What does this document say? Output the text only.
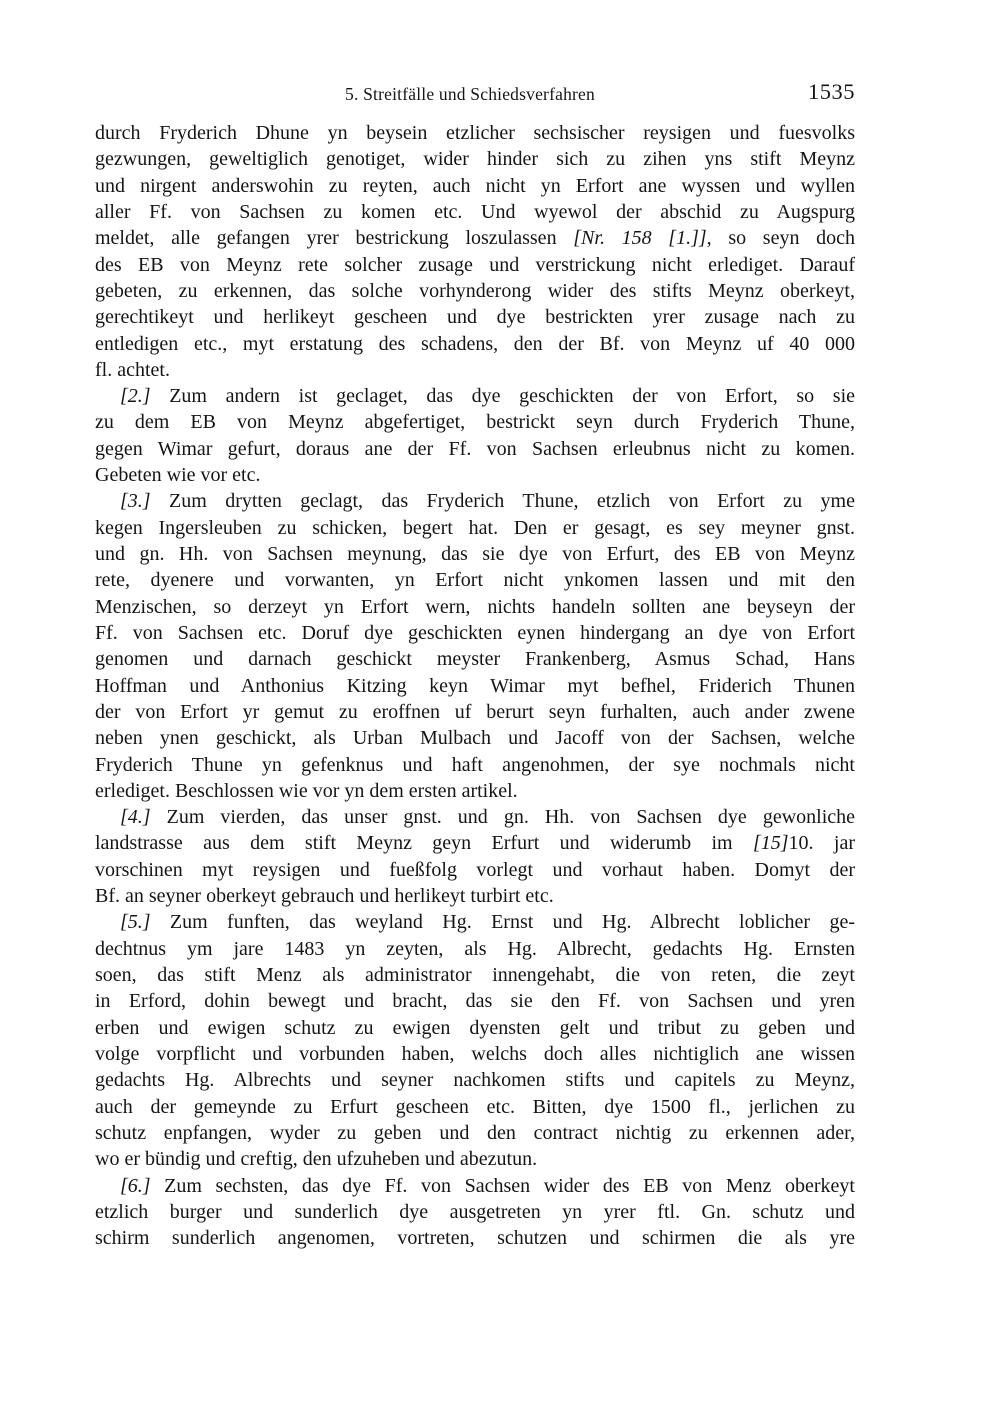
5. Streitfälle und Schiedsverfahren	1535
durch Fryderich Dhune yn beysein etzlicher sechsischer reysigen und fuesvolks
gezwungen, geweltiglich genotiget, wider hinder sich zu zihen yns stift Meynz
und nirgent anderswohin zu reyten, auch nicht yn Erfort ane wyssen und wyllen
aller Ff. von Sachsen zu komen etc. Und wyewol der abschid zu Augspurg
meldet, alle gefangen yrer bestrickung loszulassen [Nr. 158 [1.]], so seyn doch
des EB von Meynz rete solcher zusage und verstrickung nicht erlediget. Darauf
gebeten, zu erkennen, das solche vorhynderong wider des stifts Meynz oberkeyt,
gerechtikeyt und herlikeyt gescheen und dye bestrickten yrer zusage nach zu
entledigen etc., myt erstatung des schadens, den der Bf. von Meynz uf 40 000
fl. achtet.
[2.] Zum andern ist geclaget, das dye geschickten der von Erfort, so sie
zu dem EB von Meynz abgefertiget, bestrickt seyn durch Fryderich Thune,
gegen Wimar gefurt, doraus ane der Ff. von Sachsen erleubnus nicht zu komen.
Gebeten wie vor etc.
[3.] Zum drytten geclagt, das Fryderich Thune, etzlich von Erfort zu yme
kegen Ingersleuben zu schicken, begert hat. Den er gesagt, es sey meyner gnst.
und gn. Hh. von Sachsen meynung, das sie dye von Erfurt, des EB von Meynz
rete, dyenere und vorwanten, yn Erfort nicht ynkomen lassen und mit den
Menzischen, so derzeyt yn Erfort wern, nichts handeln sollten ane beyseyn der
Ff. von Sachsen etc. Doruf dye geschickten eynen hindergang an dye von Erfort
genomen und darnach geschickt meyster Frankenberg, Asmus Schad, Hans
Hoffman und Anthonius Kitzing keyn Wimar myt befhel, Friderich Thunen
der von Erfort yr gemut zu eroffnen uf berurt seyn furhalten, auch ander zwene
neben ynen geschickt, als Urban Mulbach und Jacoff von der Sachsen, welche
Fryderich Thune yn gefenknus und haft angenohmen, der sye nochmals nicht
erlediget. Beschlossen wie vor yn dem ersten artikel.
[4.] Zum vierden, das unser gnst. und gn. Hh. von Sachsen dye gewonliche
landstrasse aus dem stift Meynz geyn Erfurt und widerumb im [15]10. jar
vorschinen myt reysigen und fueßfolg vorlegt und vorhaut haben. Domyt der
Bf. an seyner oberkeyt gebrauch und herlikeyt turbirt etc.
[5.] Zum funften, das weyland Hg. Ernst und Hg. Albrecht loblicher ge-
dechtnus ym jare 1483 yn zeyten, als Hg. Albrecht, gedachts Hg. Ernsten
soen, das stift Menz als administrator innengehabt, die von reten, die zeyt
in Erford, dohin bewegt und bracht, das sie den Ff. von Sachsen und yren
erben und ewigen schutz zu ewigen dyensten gelt und tribut zu geben und
volge vorpflicht und vorbunden haben, welchs doch alles nichtiglich ane wissen
gedachts Hg. Albrechts und seyner nachkomen stifts und capitels zu Meynz,
auch der gemeynde zu Erfurt gescheen etc. Bitten, dye 1500 fl., jerlichen zu
schutz enpfangen, wyder zu geben und den contract nichtig zu erkennen ader,
wo er bündig und creftig, den ufzuheben und abezutun.
[6.] Zum sechsten, das dye Ff. von Sachsen wider des EB von Menz oberkeyt
etzlich burger und sunderlich dye ausgetreten yn yrer ftl. Gn. schutz und
schirm sunderlich angenomen, vortreten, schutzen und schirmen die als yre
